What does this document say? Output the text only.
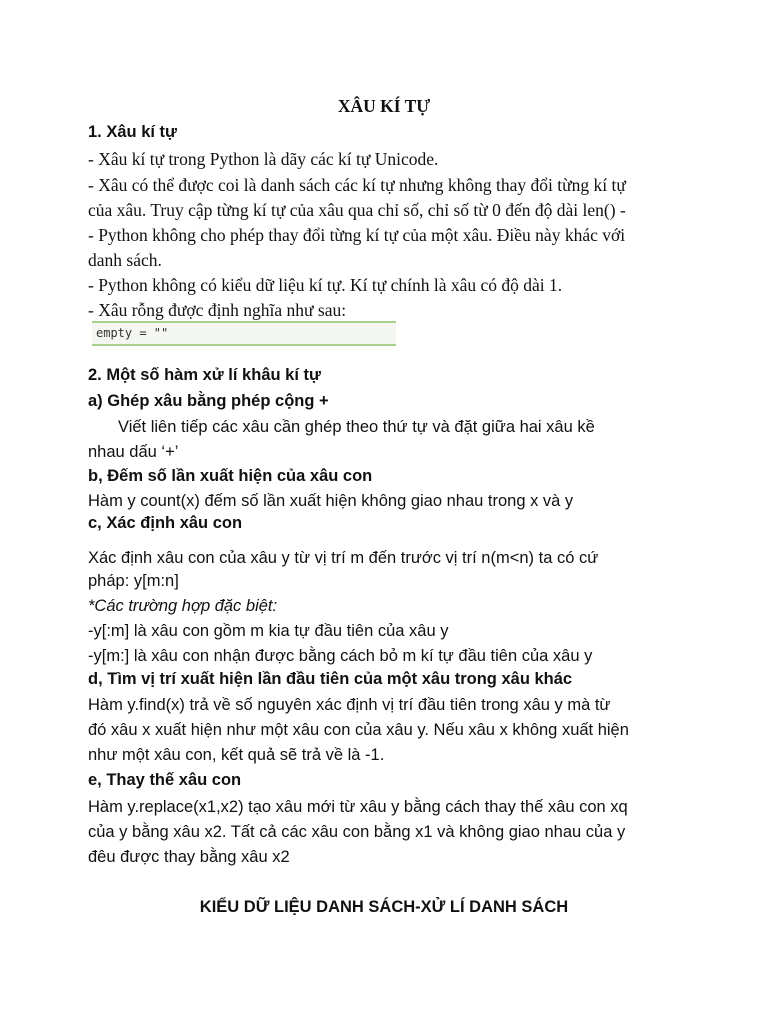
XÂU KÍ TỰ
1. Xâu kí tự
- Xâu kí tự trong Python là dãy các kí tự Unicode.
- Xâu có thể được coi là danh sách các kí tự nhưng không thay đổi từng kí tự
của xâu. Truy cập từng kí tự của xâu qua chỉ số, chỉ số từ 0 đến độ dài len() -
- Python không cho phép thay đổi từng kí tự của một xâu. Điều này khác với
danh sách.
- Python không có kiểu dữ liệu kí tự. Kí tự chính là xâu có độ dài 1.
- Xâu rỗng được định nghĩa như sau:
empty = ""
2. Một số hàm xử lí khâu kí tự
a) Ghép xâu bằng phép cộng +
Viết liên tiếp các xâu cần ghép theo thứ tự và đặt giữa hai xâu kề
nhau dấu ‘+’
b, Đếm số lần xuất hiện của xâu con
Hàm y count(x) đếm số lần xuất hiện không giao nhau trong x và y
c, Xác định xâu con
Xác định xâu con của xâu y từ vị trí m đến trước vị trí n(m<n) ta có cứ
pháp: y[m:n]
*Các trường hợp đặc biệt:
-y[:m] là xâu con gồm m kia tự đầu tiên của xâu y
-y[m:] là xâu con nhận được bằng cách bỏ m kí tự đầu tiên của xâu y
d, Tìm vị trí xuất hiện lần đầu tiên của một xâu trong xâu khác
Hàm y.find(x) trả về số nguyên xác định vị trí đầu tiên trong xâu y mà từ
đó xâu x xuất hiện như một xâu con của xâu y. Nếu xâu x không xuất hiện
như một xâu con, kết quả sẽ trả về là -1.
e, Thay thế xâu con
Hàm y.replace(x1,x2) tạo xâu mới từ xâu y bằng cách thay thế xâu con xq
của y bằng xâu x2. Tất cả các xâu con bằng x1 và không giao nhau của y
đêu được thay bằng xâu x2
KIỂU DỮ LIỆU DANH SÁCH-XỬ LÍ DANH SÁCH
